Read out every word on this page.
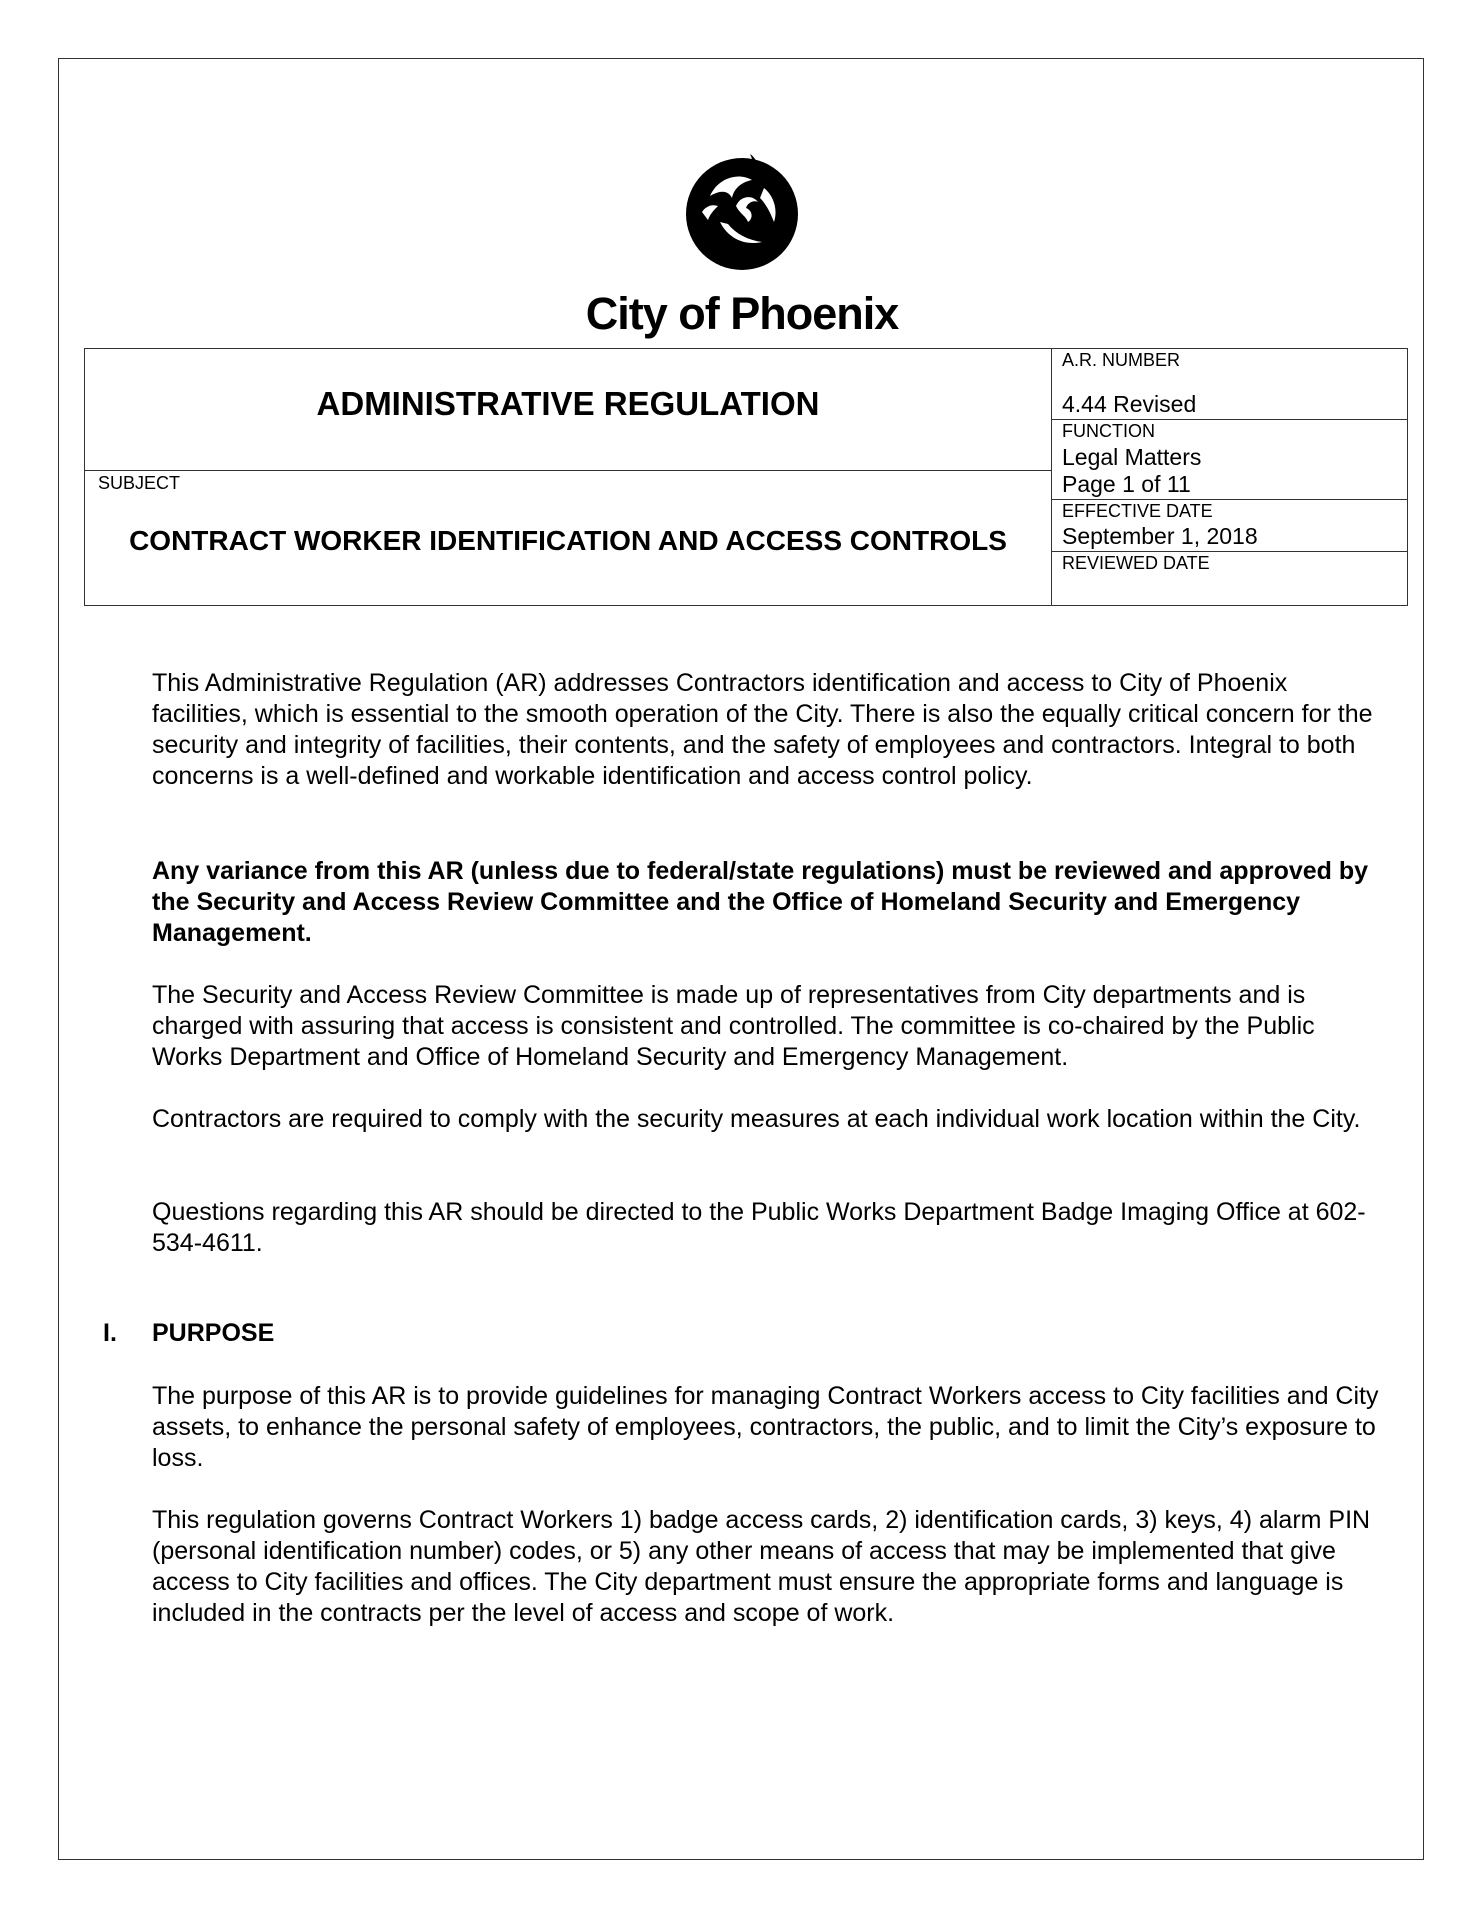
City of Phoenix
ADMINISTRATIVE REGULATION
SUBJECT
CONTRACT WORKER IDENTIFICATION AND ACCESS CONTROLS
A.R. NUMBER
4.44 Revised
FUNCTION
Legal Matters
Page 1 of 11
EFFECTIVE DATE
September 1, 2018
REVIEWED DATE

This Administrative Regulation (AR) addresses Contractors identification and access to City of Phoenix facilities, which is essential to the smooth operation of the City. There is also the equally critical concern for the security and integrity of facilities, their contents, and the safety of employees and contractors. Integral to both concerns is a well-defined and workable identification and access control policy.

Any variance from this AR (unless due to federal/state regulations) must be reviewed and approved by the Security and Access Review Committee and the Office of Homeland Security and Emergency Management.

The Security and Access Review Committee is made up of representatives from City departments and is charged with assuring that access is consistent and controlled. The committee is co-chaired by the Public Works Department and Office of Homeland Security and Emergency Management.

Contractors are required to comply with the security measures at each individual work location within the City.

Questions regarding this AR should be directed to the Public Works Department Badge Imaging Office at 602-534-4611.

I. PURPOSE

The purpose of this AR is to provide guidelines for managing Contract Workers access to City facilities and City assets, to enhance the personal safety of employees, contractors, the public, and to limit the City’s exposure to loss.

This regulation governs Contract Workers 1) badge access cards, 2) identification cards, 3) keys, 4) alarm PIN (personal identification number) codes, or 5) any other means of access that may be implemented that give access to City facilities and offices. The City department must ensure the appropriate forms and language is included in the contracts per the level of access and scope of work.
